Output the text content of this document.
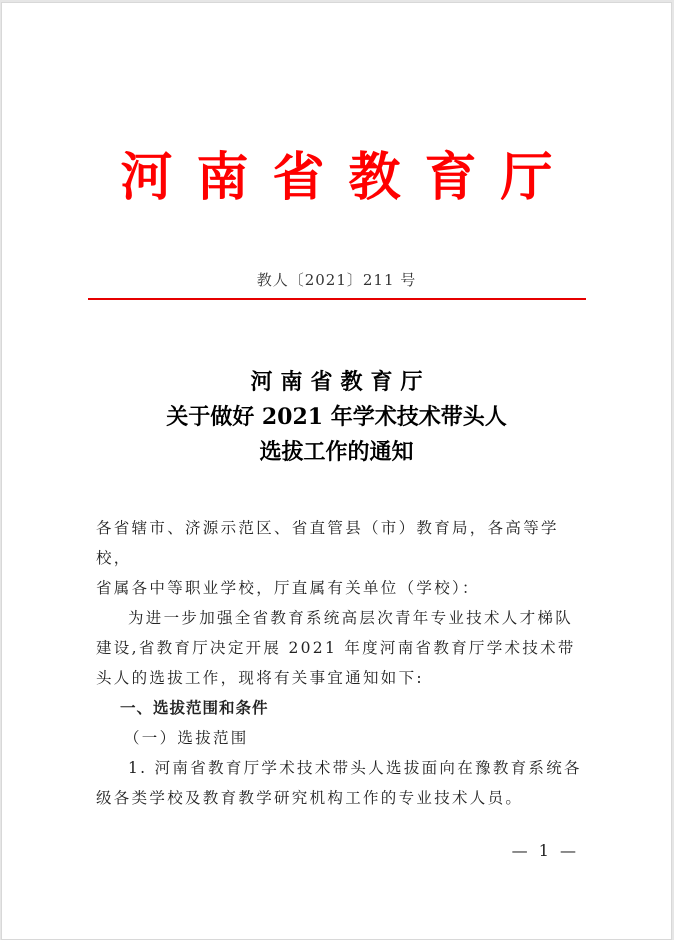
河南省教育厅
教人〔2021〕211 号
河南省教育厅
关于做好 2021 年学术技术带头人
选拔工作的通知

各省辖市、济源示范区、省直管县（市）教育局，各高等学校，

省属各中等职业学校，厅直属有关单位（学校）：

为进一步加强全省教育系统高层次青年专业技术人才梯队建设,省教育厅决定开展 2021 年度河南省教育厅学术技术带头人的选拔工作，现将有关事宜通知如下:

一、选拔范围和条件

（一）选拔范围

1. 河南省教育厅学术技术带头人选拔面向在豫教育系统各级各类学校及教育教学研究机构工作的专业技术人员。

— 1 —
